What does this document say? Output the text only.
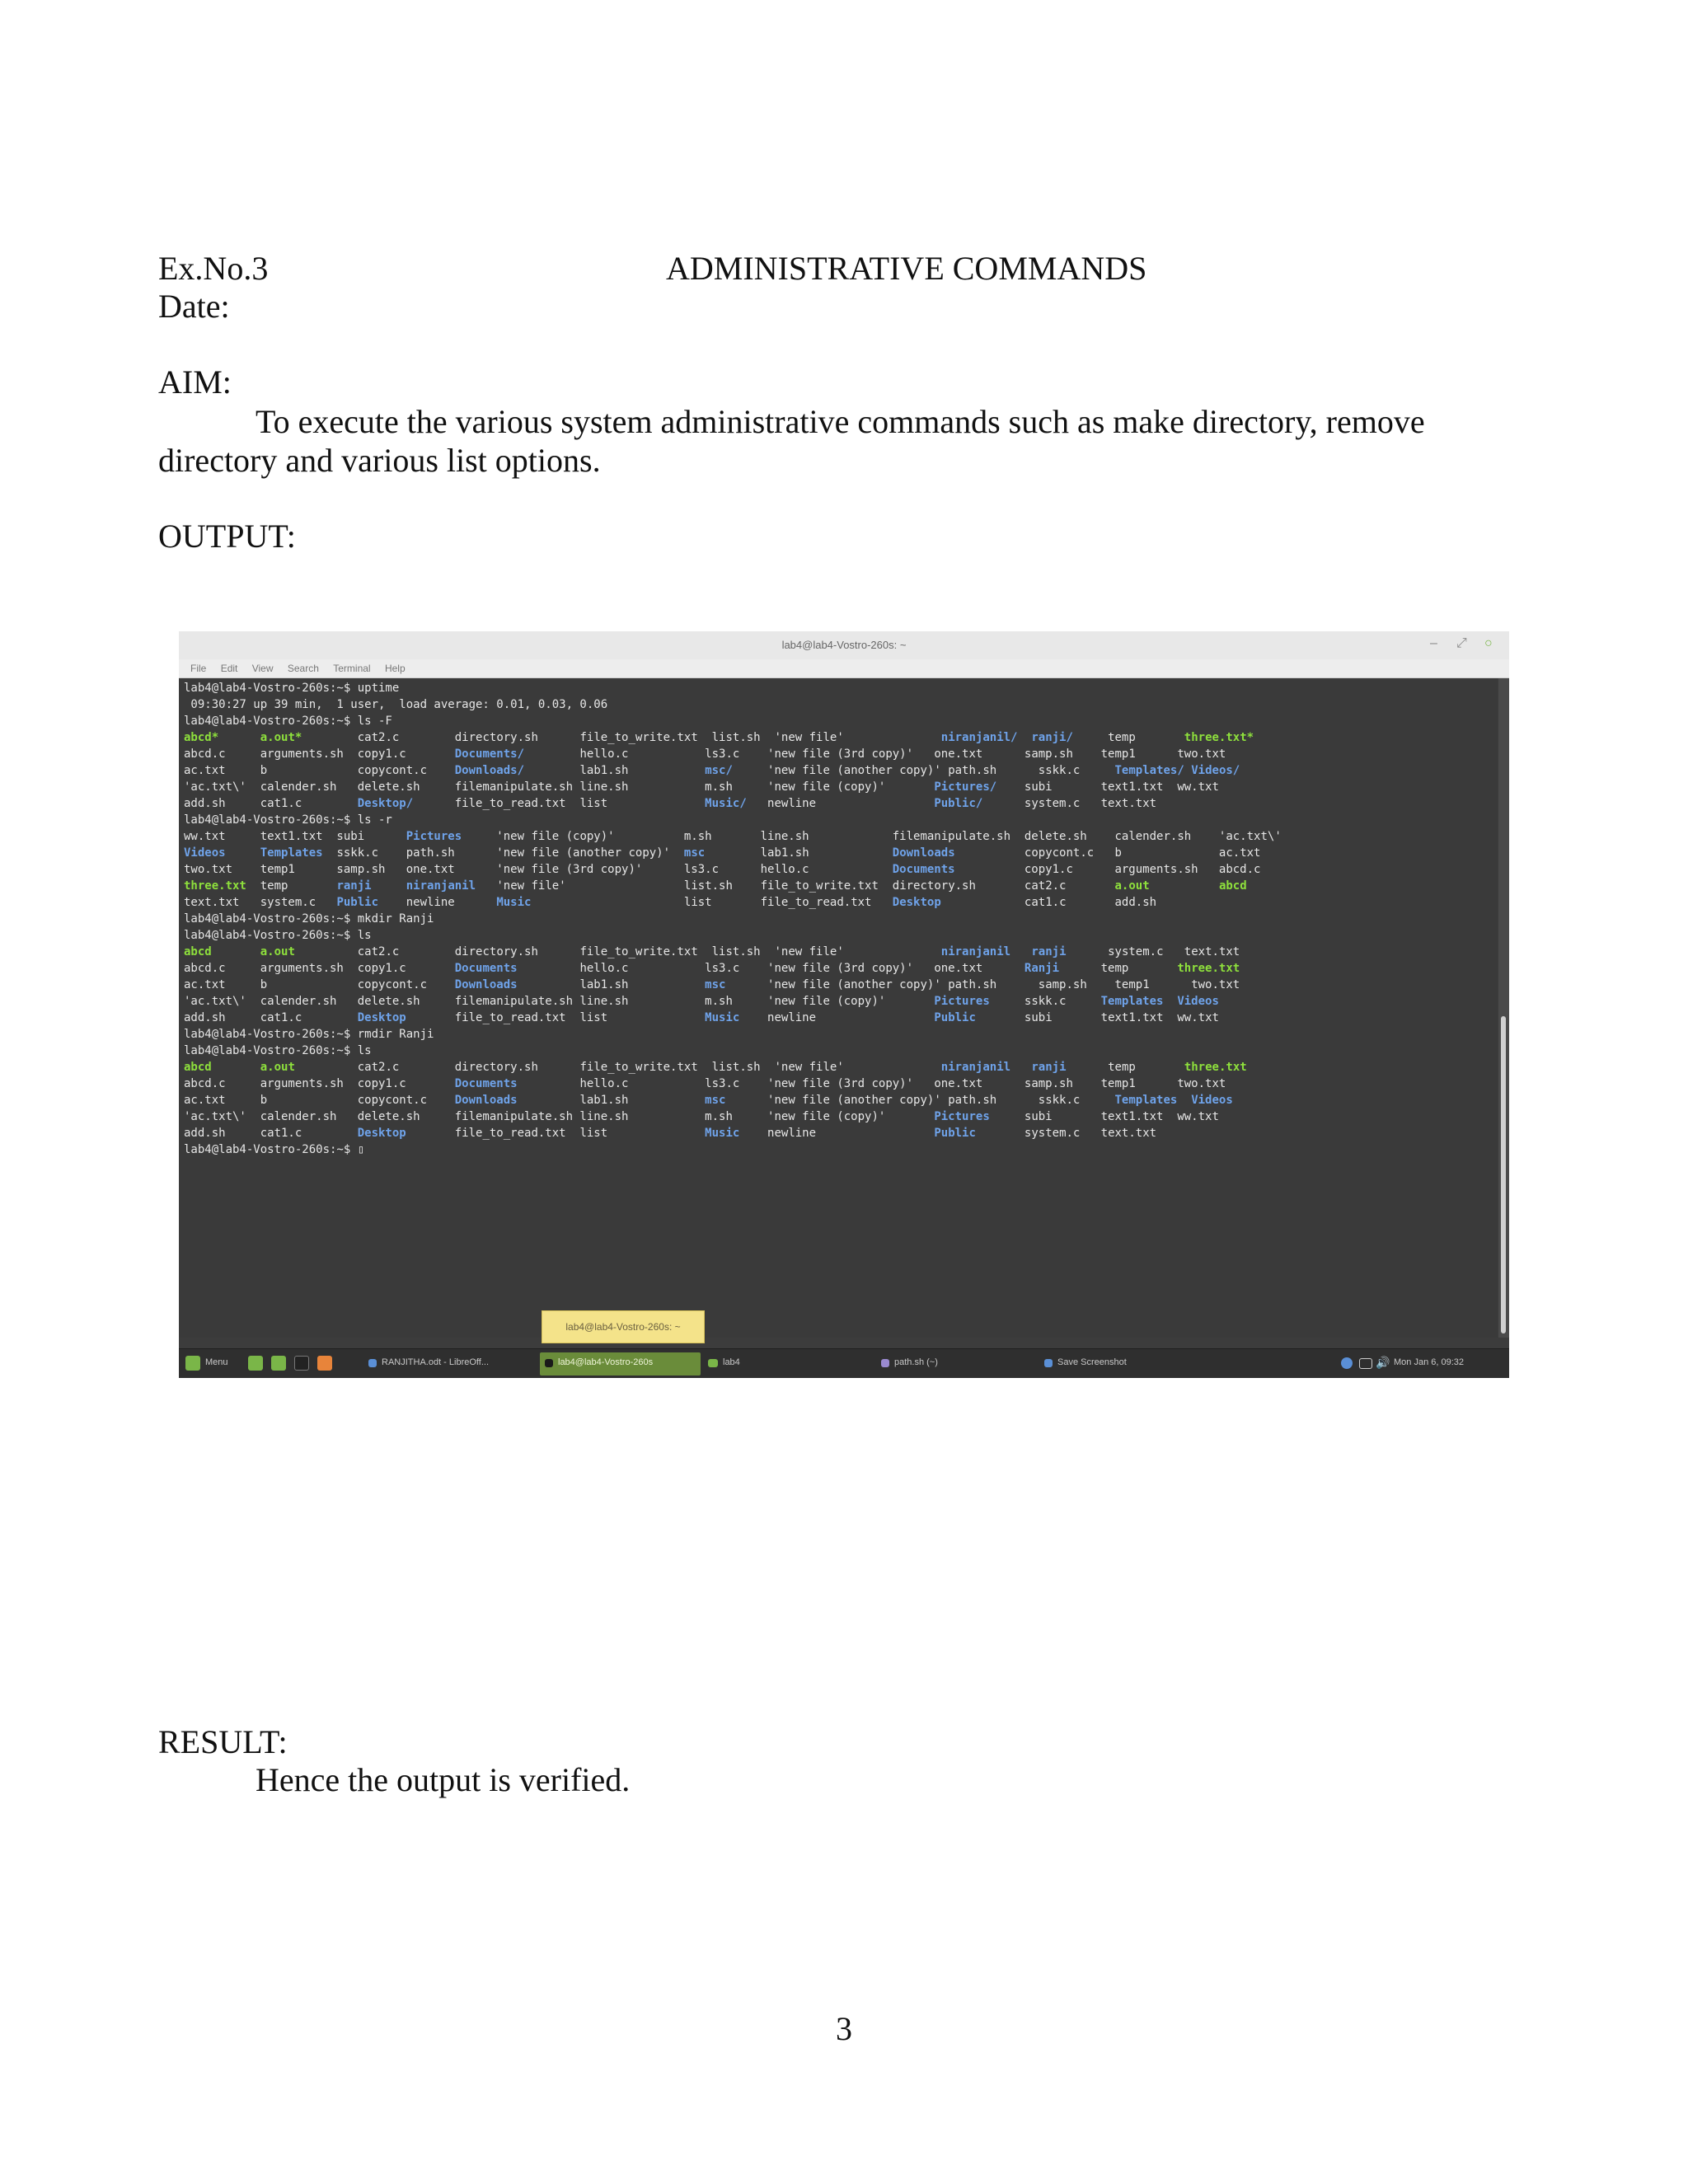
Ex.No.3	ADMINISTRATIVE COMMANDS
Date:
AIM:
To execute the various system administrative commands such as make directory, remove
directory and various list options.
OUTPUT:
lab4@lab4-Vostro-260s: ~	– ⤢ ○
File Edit View Search Terminal Help
lab4@lab4-Vostro-260s:~$ uptime
09:30:27 up 39 min,  1 user,  load average: 0.01, 0.03, 0.06
lab4@lab4-Vostro-260s:~$ ls -F
abcd*	a.out*        cat2.c        directory.sh      file_to_write.txt  list.sh  'new file'              niranjanil/ ranji/     temp       three.txt*
abcd.c     arguments.sh  copy1.c       Documents/        hello.c           ls3.c    'new file (3rd copy)'   one.txt      samp.sh    temp1      two.txt
ac.txt     b             copycont.c    Downloads/        lab1.sh           msc/     'new file (another copy)' path.sh      sskk.c     Templates/ Videos/
'ac.txt\'  calender.sh   delete.sh     filemanipulate.sh line.sh           m.sh     'new file (copy)'       Pictures/    subi       text1.txt  ww.txt
add.sh     cat1.c        Desktop/      file_to_read.txt  list              Music/   newline                 Public/      system.c   text.txt
lab4@lab4-Vostro-260s:~$ ls -r
ww.txt     text1.txt  subi      Pictures     'new file (copy)'          m.sh       line.sh            filemanipulate.sh  delete.sh    calender.sh    'ac.txt\'
Videos	Templates  sskk.c    path.sh      'new file (another copy)'  msc        lab1.sh            Downloads          copycont.c   b              ac.txt
two.txt    temp1      samp.sh   one.txt      'new file (3rd copy)'      ls3.c      hello.c            Documents          copy1.c      arguments.sh   abcd.c
three.txt  temp       ranji	niranjanil   'new file'                 list.sh    file_to_write.txt  directory.sh       cat2.c       a.out	abcd
text.txt   system.c   Public    newline      Music                      list       file_to_read.txt   Desktop            cat1.c       add.sh
lab4@lab4-Vostro-260s:~$ mkdir Ranji
lab4@lab4-Vostro-260s:~$ ls
abcd	a.out         cat2.c        directory.sh      file_to_write.txt  list.sh  'new file'              niranjanil ranji      system.c   text.txt
abcd.c     arguments.sh  copy1.c       Documents         hello.c           ls3.c    'new file (3rd copy)'   one.txt      Ranji      temp       three.txt
ac.txt     b             copycont.c    Downloads         lab1.sh           msc      'new file (another copy)' path.sh      samp.sh    temp1      two.txt
'ac.txt\'  calender.sh   delete.sh     filemanipulate.sh line.sh           m.sh     'new file (copy)'       Pictures     sskk.c     Templates Videos
add.sh     cat1.c        Desktop       file_to_read.txt  list              Music    newline                 Public       subi       text1.txt  ww.txt
lab4@lab4-Vostro-260s:~$ rmdir Ranji
lab4@lab4-Vostro-260s:~$ ls
abcd	a.out         cat2.c        directory.sh      file_to_write.txt  list.sh  'new file'              niranjanil ranji      temp       three.txt
abcd.c     arguments.sh  copy1.c       Documents         hello.c           ls3.c    'new file (3rd copy)'   one.txt      samp.sh    temp1      two.txt
ac.txt     b             copycont.c    Downloads         lab1.sh           msc      'new file (another copy)' path.sh      sskk.c     Templates Videos
'ac.txt\'  calender.sh   delete.sh     filemanipulate.sh line.sh           m.sh     'new file (copy)'       Pictures     subi       text1.txt  ww.txt
add.sh     cat1.c        Desktop       file_to_read.txt  list              Music    newline                 Public       system.c   text.txt
lab4@lab4-Vostro-260s:~$ ▯
lab4@lab4-Vostro-260s: ~
Menu	RANJITHA.odt - LibreOff...	lab4@lab4-Vostro-260s	lab4	path.sh (~)	Save Screenshot	🔊 Mon Jan 6, 09:32
RESULT:
Hence the output is verified.
3
